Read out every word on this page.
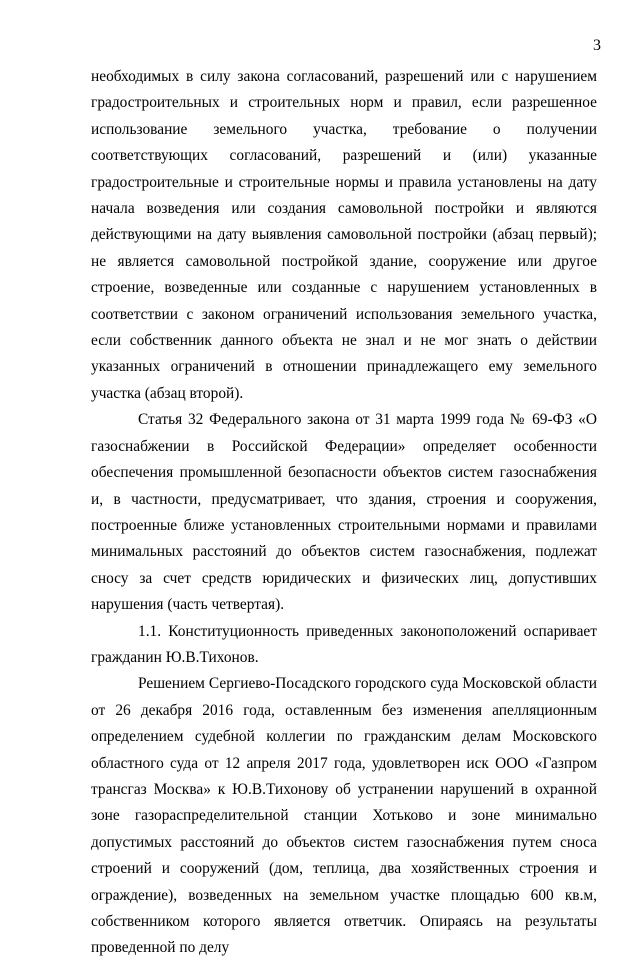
3

необходимых в силу закона согласований, разрешений или с нарушением градостроительных и строительных норм и правил, если разрешенное использование земельного участка, требование о получении соответствующих согласований, разрешений и (или) указанные градостроительные и строительные нормы и правила установлены на дату начала возведения или создания самовольной постройки и являются действующими на дату выявления самовольной постройки (абзац первый); не является самовольной постройкой здание, сооружение или другое строение, возведенные или созданные с нарушением установленных в соответствии с законом ограничений использования земельного участка, если собственник данного объекта не знал и не мог знать о действии указанных ограничений в отношении принадлежащего ему земельного участка (абзац второй).

Статья 32 Федерального закона от 31 марта 1999 года № 69-ФЗ «О газоснабжении в Российской Федерации» определяет особенности обеспечения промышленной безопасности объектов систем газоснабжения и, в частности, предусматривает, что здания, строения и сооружения, построенные ближе установленных строительными нормами и правилами минимальных расстояний до объектов систем газоснабжения, подлежат сносу за счет средств юридических и физических лиц, допустивших нарушения (часть четвертая).

1.1. Конституционность приведенных законоположений оспаривает гражданин Ю.В.Тихонов.

Решением Сергиево-Посадского городского суда Московской области от 26 декабря 2016 года, оставленным без изменения апелляционным определением судебной коллегии по гражданским делам Московского областного суда от 12 апреля 2017 года, удовлетворен иск ООО «Газпром трансгаз Москва» к Ю.В.Тихонову об устранении нарушений в охранной зоне газораспределительной станции Хотьково и зоне минимально допустимых расстояний до объектов систем газоснабжения путем сноса строений и сооружений (дом, теплица, два хозяйственных строения и ограждение), возведенных на земельном участке площадью 600 кв.м, собственником которого является ответчик. Опираясь на результаты проведенной по делу
